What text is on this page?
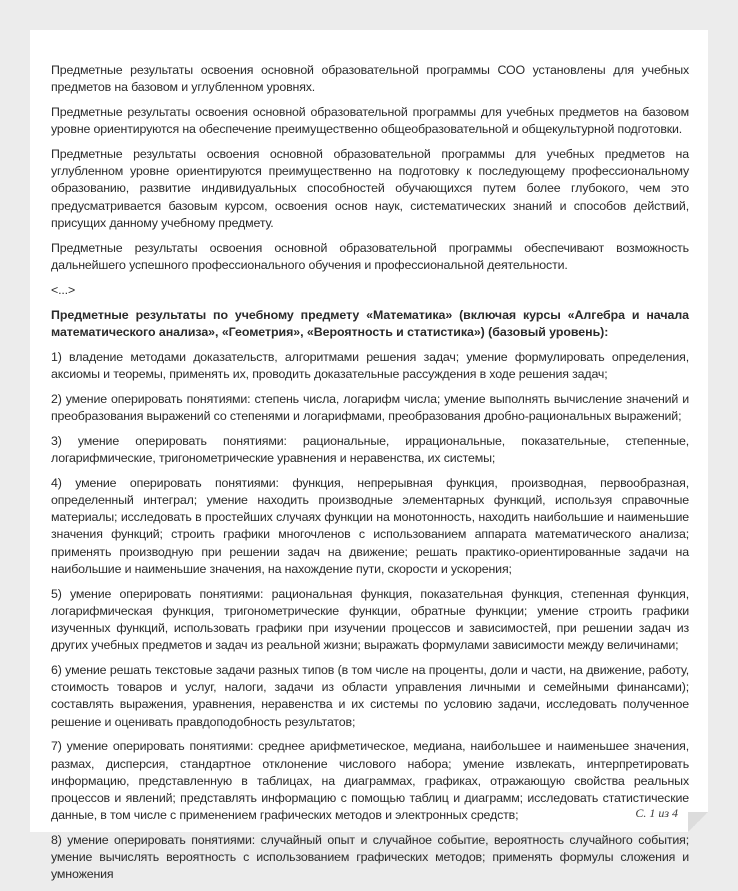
Предметные результаты освоения основной образовательной программы СОО установлены для учебных предметов на базовом и углубленном уровнях.

Предметные результаты освоения основной образовательной программы для учебных предметов на базовом уровне ориентируются на обеспечение преимущественно общеобразовательной и общекультурной подготовки.

Предметные результаты освоения основной образовательной программы для учебных предметов на углубленном уровне ориентируются преимущественно на подготовку к последующему профессиональному образованию, развитие индивидуальных способностей обучающихся путем более глубокого, чем это предусматривается базовым курсом, освоения основ наук, систематических знаний и способов действий, присущих данному учебному предмету.

Предметные результаты освоения основной образовательной программы обеспечивают возможность дальнейшего успешного профессионального обучения и профессиональной деятельности.

<...>

Предметные результаты по учебному предмету «Математика» (включая курсы «Алгебра и начала математического анализа», «Геометрия», «Вероятность и статистика») (базовый уровень):

1) владение методами доказательств, алгоритмами решения задач; умение формулировать определения, аксиомы и теоремы, применять их, проводить доказательные рассуждения в ходе решения задач;

2) умение оперировать понятиями: степень числа, логарифм числа; умение выполнять вычисление значений и преобразования выражений со степенями и логарифмами, преобразования дробно-рациональных выражений;

3) умение оперировать понятиями: рациональные, иррациональные, показательные, степенные, логарифмические, тригонометрические уравнения и неравенства, их системы;

4) умение оперировать понятиями: функция, непрерывная функция, производная, первообразная, определенный интеграл; умение находить производные элементарных функций, используя справочные материалы; исследовать в простейших случаях функции на монотонность, находить наибольшие и наименьшие значения функций; строить графики многочленов с использованием аппарата математического анализа; применять производную при решении задач на движение; решать практико-ориентированные задачи на наибольшие и наименьшие значения, на нахождение пути, скорости и ускорения;

5) умение оперировать понятиями: рациональная функция, показательная функция, степенная функция, логарифмическая функция, тригонометрические функции, обратные функции; умение строить графики изученных функций, использовать графики при изучении процессов и зависимостей, при решении задач из других учебных предметов и задач из реальной жизни; выражать формулами зависимости между величинами;

6) умение решать текстовые задачи разных типов (в том числе на проценты, доли и части, на движение, работу, стоимость товаров и услуг, налоги, задачи из области управления личными и семейными финансами); составлять выражения, уравнения, неравенства и их системы по условию задачи, исследовать полученное решение и оценивать правдоподобность результатов;

7) умение оперировать понятиями: среднее арифметическое, медиана, наибольшее и наименьшее значения, размах, дисперсия, стандартное отклонение числового набора; умение извлекать, интерпретировать информацию, представленную в таблицах, на диаграммах, графиках, отражающую свойства реальных процессов и явлений; представлять информацию с помощью таблиц и диаграмм; исследовать статистические данные, в том числе с применением графических методов и электронных средств;

8) умение оперировать понятиями: случайный опыт и случайное событие, вероятность случайного события; умение вычислять вероятность с использованием графических методов; применять формулы сложения и умножения

С. 1 из 4
